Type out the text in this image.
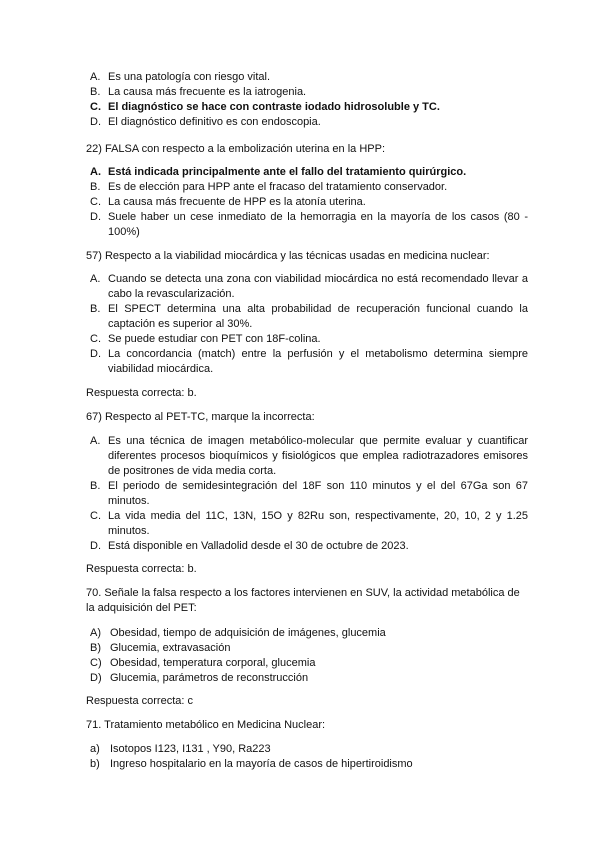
A. Es una patología con riesgo vital.
B. La causa más frecuente es la iatrogenia.
C. El diagnóstico se hace con contraste iodado hidrosoluble y TC.
D. El diagnóstico definitivo es con endoscopia.

22) FALSA con respecto a la embolización uterina en la HPP:

A. Está indicada principalmente ante el fallo del tratamiento quirúrgico.
B. Es de elección para HPP ante el fracaso del tratamiento conservador.
C. La causa más frecuente de HPP es la atonía uterina.
D. Suele haber un cese inmediato de la hemorragia en la mayoría de los casos (80 - 100%)

57) Respecto a la viabilidad miocárdica y las técnicas usadas en medicina nuclear:

A. Cuando se detecta una zona con viabilidad miocárdica no está recomendado llevar a cabo la revascularización.
B. El SPECT determina una alta probabilidad de recuperación funcional cuando la captación es superior al 30%.
C. Se puede estudiar con PET con 18F-colina.
D. La concordancia (match) entre la perfusión y el metabolismo determina siempre viabilidad miocárdica.

Respuesta correcta: b.

67) Respecto al PET-TC, marque la incorrecta:

A. Es una técnica de imagen metabólico-molecular que permite evaluar y cuantificar diferentes procesos bioquímicos y fisiológicos que emplea radiotrazadores emisores de positrones de vida media corta.
B. El periodo de semidesintegración del 18F son 110 minutos y el del 67Ga son 67 minutos.
C. La vida media del 11C, 13N, 15O y 82Ru son, respectivamente, 20, 10, 2 y 1.25 minutos.
D. Está disponible en Valladolid desde el 30 de octubre de 2023.

Respuesta correcta: b.

70. Señale la falsa respecto a los factores intervienen en SUV, la actividad metabólica de la adquisición del PET:

A) Obesidad, tiempo de adquisición de imágenes, glucemia
B) Glucemia, extravasación
C) Obesidad, temperatura corporal, glucemia
D) Glucemia, parámetros de reconstrucción

Respuesta correcta: c

71. Tratamiento metabólico en Medicina Nuclear:

a) Isotopos I123, I131 , Y90, Ra223
b) Ingreso hospitalario en la mayoría de casos de hipertiroidismo
